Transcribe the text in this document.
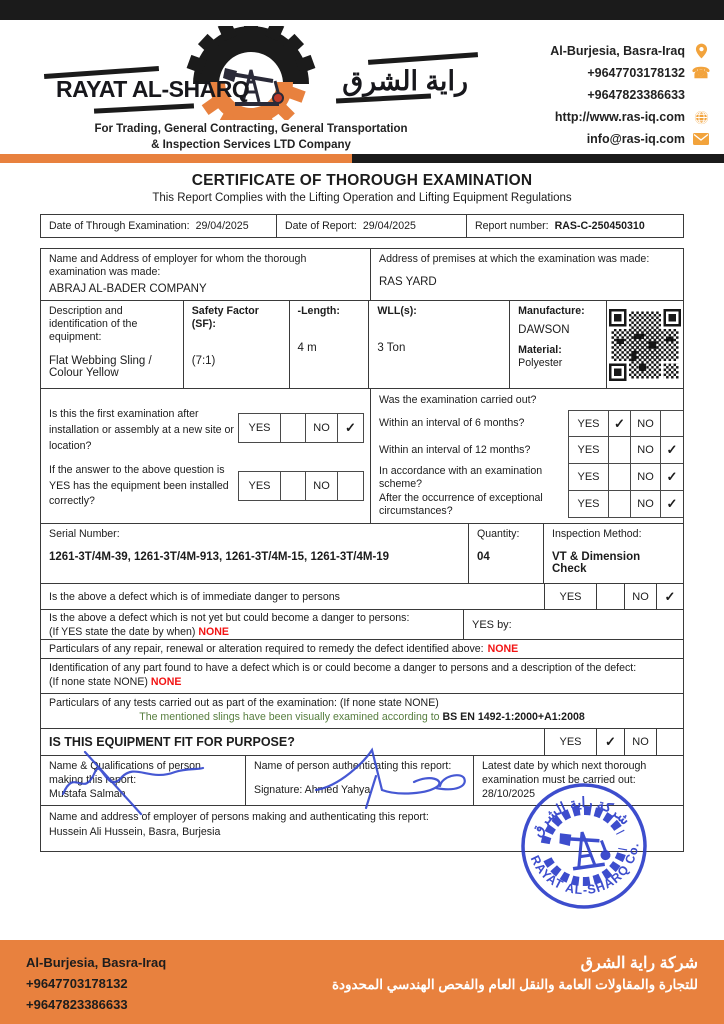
RAYAT AL-SHARQ	راية الشرق
For Trading, General Contracting, General Transportation
& Inspection Services LTD Company
Al-Burjesia, Basra-Iraq
+9647703178132 ☎
+9647823386633
http://www.ras-iq.com
info@ras-iq.com
CERTIFICATE OF THOROUGH EXAMINATION
This Report Complies with the Lifting Operation and Lifting Equipment Regulations
Date of Through Examination: 29/04/2025	Date of Report: 29/04/2025	Report number: RAS-C-250450310
Name and Address of employer for whom the thorough examination was made:
ABRAJ AL-BADER COMPANY
Address of premises at which the examination was made:
RAS YARD
Description and identification of the equipment:
Flat Webbing Sling / Colour Yellow
Safety Factor (SF):
(7:1)
-Length:
4 m
WLL(s):
3 Ton
Manufacture:
DAWSON
Material:
Polyester
Is this the first examination after installation or assembly at a new site or location?
YES	NO	✓
If the answer to the above question is YES has the equipment been installed correctly?
YES	NO
Was the examination carried out?
Within an interval of 6 months?	YES	✓	NO
Within an interval of 12 months?	YES	NO ✓
In accordance with an examination scheme?
YES	NO ✓
After the occurrence of exceptional circumstances?
YES	NO ✓
Serial Number:
1261-3T/4M-39, 1261-3T/4M-913, 1261-3T/4M-15, 1261-3T/4M-19
Quantity:
04
Inspection Method:
VT & Dimension Check
Is the above a defect which is of immediate danger to persons	YES	NO	✓
Is the above a defect which is not yet but could become a danger to persons:
(If YES state the date by when) NONE
YES by:
Particulars of any repair, renewal or alteration required to remedy the defect identified above: NONE
Identification of any part found to have a defect which is or could become a danger to persons and a description of the defect:
(If none state NONE) NONE
Particulars of any tests carried out as part of the examination: (If none state NONE)
The mentioned slings have been visually examined according to BS EN 1492-1:2000+A1:2008
IS THIS EQUIPMENT FIT FOR PURPOSE?	YES	✓	NO
Name & Qualifications of person making this report:
Mustafa Salman
Name of person authenticating this report:
Signature: Ahmed Yahya
Latest date by which next thorough examination must be carried out:
28/10/2025
Name and address of employer of persons making and authenticating this report:
Hussein Ali Hussein, Basra, Burjesia	شركة راية الشرق
RAYAT AL-SHARQ Co.
Al-Burjesia, Basra-Iraq
+9647703178132
+9647823386633
شركة راية الشرق
للتجارة والمقاولات العامة والنقل العام والفحص الهندسي المحدودة
